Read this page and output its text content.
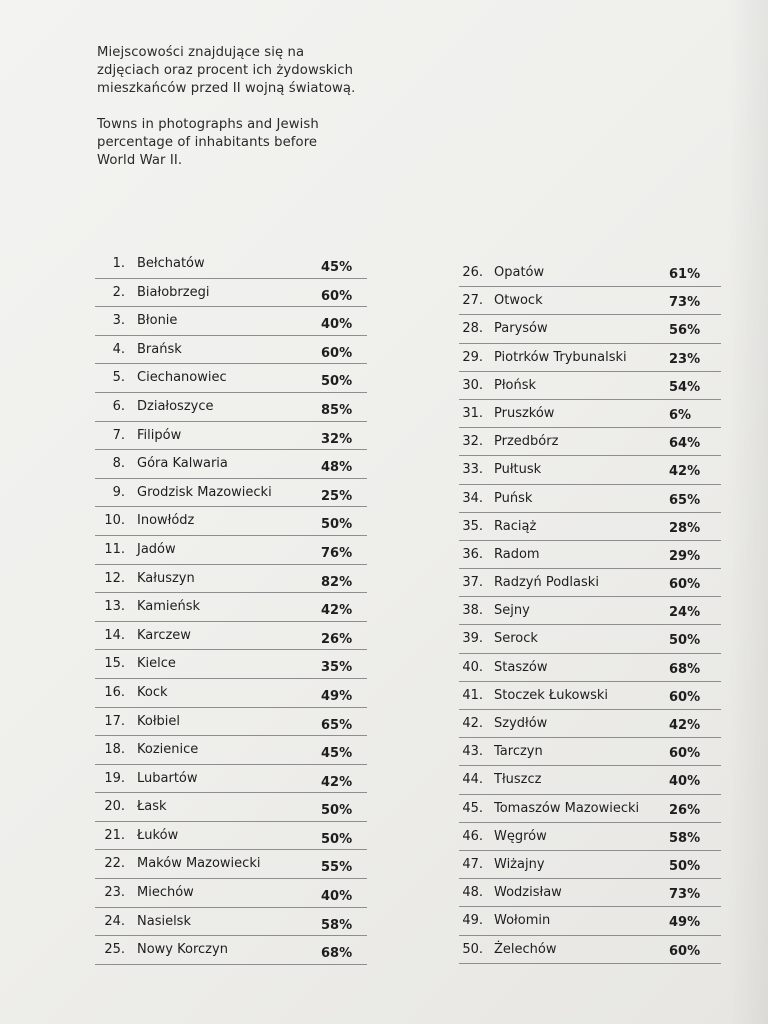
Miejscowości znajdujące się na
zdjęciach oraz procent ich żydowskich
mieszkańców przed II wojną światową.

Towns in photographs and Jewish
percentage of inhabitants before
World War II.

1. Bełchatów	45%
2. Białobrzegi	60%
3. Błonie	40%
4. Brańsk	60%
5. Ciechanowiec	50%
6. Działoszyce	85%
7. Filipów	32%
8. Góra Kalwaria	48%
9. Grodzisk Mazowiecki	25%
10. Inowłódz	50%
11. Jadów	76%
12. Kałuszyn	82%
13. Kamieńsk	42%
14. Karczew	26%
15. Kielce	35%
16. Kock	49%
17. Kołbiel	65%
18. Kozienice	45%
19. Lubartów	42%
20. Łask	50%
21. Łuków	50%
22. Maków Mazowiecki	55%
23. Miechów	40%
24. Nasielsk	58%
25. Nowy Korczyn	68%
26. Opatów	61%
27. Otwock	73%
28. Parysów	56%
29. Piotrków Trybunalski	23%
30. Płońsk	54%
31. Pruszków	6%
32. Przedbórz	64%
33. Pułtusk	42%
34. Puńsk	65%
35. Raciąż	28%
36. Radom	29%
37. Radzyń Podlaski	60%
38. Sejny	24%
39. Serock	50%
40. Staszów	68%
41. Stoczek Łukowski	60%
42. Szydłów	42%
43. Tarczyn	60%
44. Tłuszcz	40%
45. Tomaszów Mazowiecki 26%
46. Węgrów	58%
47. Wiżajny	50%
48. Wodzisław	73%
49. Wołomin	49%
50. Żelechów	60%
